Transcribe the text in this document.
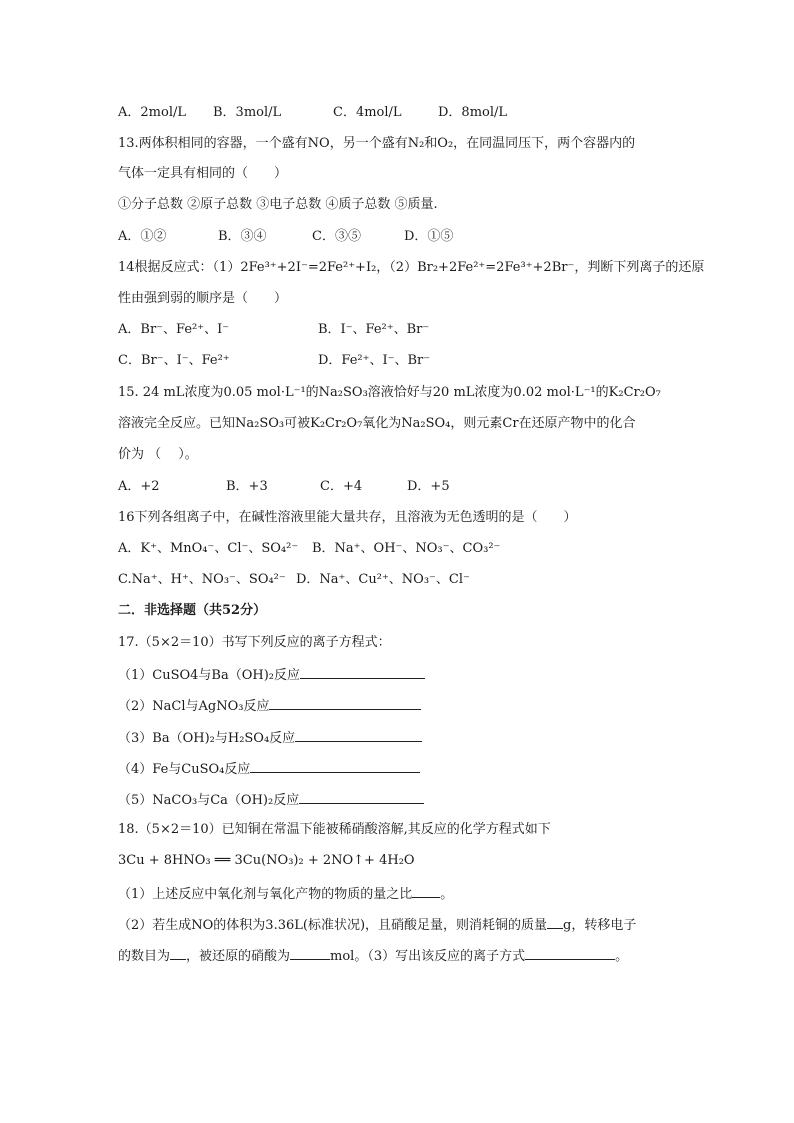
A．2mol/L B．3mol/L	C．4mol/L	D．8mol/L
13.两体积相同的容器，一个盛有NO，另一个盛有N₂和O₂，在同温同压下，两个容器内的
气体一定具有相同的（　　）
①分子总数 ②原子总数 ③电子总数 ④质子总数 ⑤质量.
A．①②	B．③④	C．③⑤	D．①⑤
14根据反应式：（1）2Fe³⁺+2I⁻=2Fe²⁺+I₂，（2）Br₂+2Fe²⁺=2Fe³⁺+2Br⁻，判断下列离子的还原
性由强到弱的顺序是（　　）
A．Br⁻、Fe²⁺、I⁻	B．I⁻、Fe²⁺、Br⁻
C．Br⁻、I⁻、Fe²⁺	D．Fe²⁺、I⁻、Br⁻
15. 24 mL浓度为0.05 mol·L⁻¹的Na₂SO₃溶液恰好与20 mL浓度为0.02 mol·L⁻¹的K₂Cr₂O₇
溶液完全反应。已知Na₂SO₃可被K₂Cr₂O₇氧化为Na₂SO₄，则元素Cr在还原产物中的化合
价为 （　 ）。
A．+2	B．+3	C．+4	D．+5
16下列各组离子中，在碱性溶液里能大量共存，且溶液为无色透明的是（　　）
A．K⁺、MnO₄⁻、Cl⁻、SO₄²⁻ B．Na⁺、OH⁻、NO₃⁻、CO₃²⁻
C.Na⁺、H⁺、NO₃⁻、SO₄²⁻ D．Na⁺、Cu²⁺、NO₃⁻、Cl⁻
二．非选择题（共52分）
17.（5×2＝10）书写下列反应的离子方程式：
（1）CuSO4与Ba（OH)₂反应
（2）NaCl与AgNO₃反应
（3）Ba（OH)₂与H₂SO₄反应
（4）Fe与CuSO₄反应
（5）NaCO₃与Ca（OH)₂反应
18.（5×2＝10）已知铜在常温下能被稀硝酸溶解,其反应的化学方程式如下
3Cu + 8HNO₃ ══ 3Cu(NO₃)₂ + 2NO↑+ 4H₂O
（1）上述反应中氧化剂与氧化产物的物质的量之比 。
（2）若生成NO的体积为3.36L(标准状况)，且硝酸足量，则消耗铜的质量 g，转移电子
的数目为 ，被还原的硝酸为	mol。（3）写出该反应的离子方式	。
